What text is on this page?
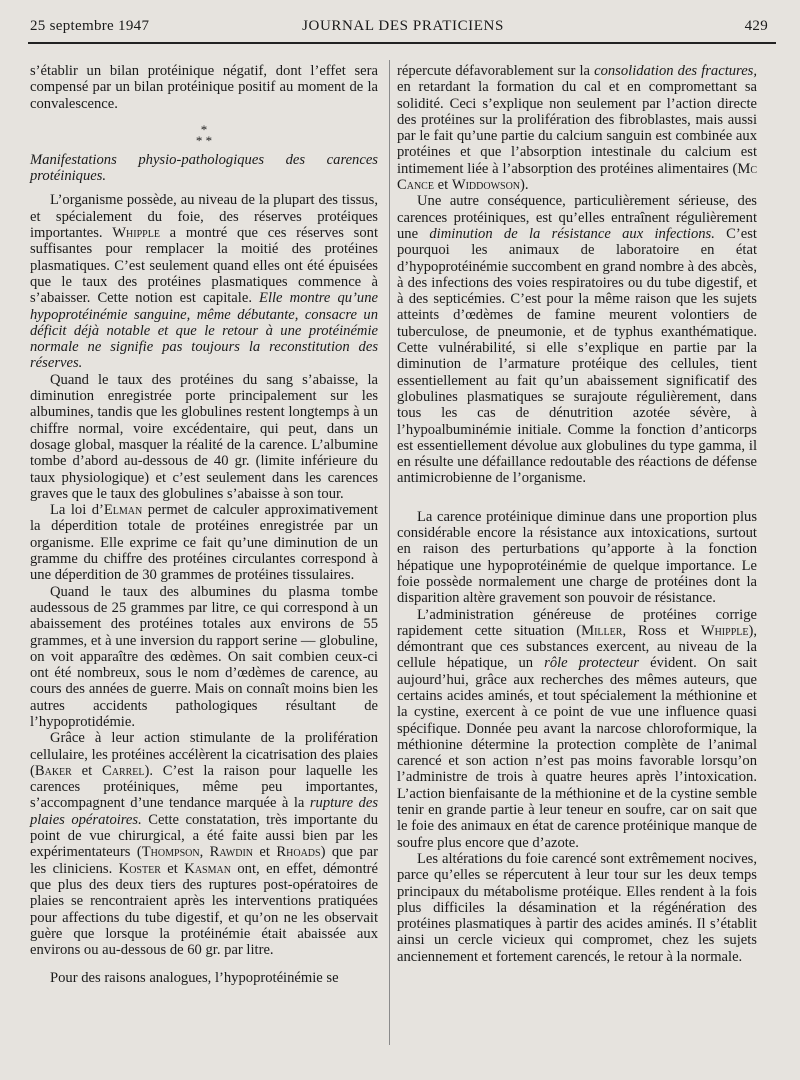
25 septembre 1947	JOURNAL DES PRATICIENS	429

s’établir un bilan protéinique négatif, dont l’effet sera compensé par un bilan protéinique positif au moment de la convalescence.

*
* *

Manifestations physio-pathologiques des carences protéiniques.

L’organisme possède, au niveau de la plupart des tissus, et spécialement du foie, des réserves protéiques importantes. Whipple a montré que ces réserves sont suffisantes pour remplacer la moitié des protéines plasmatiques. C’est seulement quand elles ont été épuisées que le taux des protéines plasmatiques commence à s’abaisser. Cette notion est capitale. Elle montre qu’une hypoprotéinémie sanguine, même débutante, consacre un déficit déjà notable et que le retour à une protéinémie normale ne signifie pas toujours la reconstitution des réserves.

Quand le taux des protéines du sang s’abaisse, la diminution enregistrée porte principalement sur les albumines, tandis que les globulines restent longtemps à un chiffre normal, voire excédentaire, qui peut, dans un dosage global, masquer la réalité de la carence. L’albumine tombe d’abord au-dessous de 40 gr. (limite inférieure du taux physiologique) et c’est seulement dans les carences graves que le taux des globulines s’abaisse à son tour.

La loi d’Elman permet de calculer approximativement la déperdition totale de protéines enregistrée par un organisme. Elle exprime ce fait qu’une diminution de un gramme du chiffre des protéines circulantes correspond à une déperdition de 30 grammes de protéines tissulaires.

Quand le taux des albumines du plasma tombe audessous de 25 grammes par litre, ce qui correspond à un abaissement des protéines totales aux environs de 55 grammes, et à une inversion du rapport serine — globuline, on voit apparaître des œdèmes. On sait combien ceux-ci ont été nombreux, sous le nom d’œdèmes de carence, au cours des années de guerre. Mais on connaît moins bien les autres accidents pathologiques résultant de l’hypoprotidémie.

Grâce à leur action stimulante de la prolifération cellulaire, les protéines accélèrent la cicatrisation des plaies (Baker et Carrel). C’est la raison pour laquelle les carences protéiniques, même peu importantes, s’accompagnent d’une tendance marquée à la rupture des plaies opératoires. Cette constatation, très importante du point de vue chirurgical, a été faite aussi bien par les expérimentateurs (Thompson, Rawdin et Rhoads) que par les cliniciens. Koster et Kasman ont, en effet, démontré que plus des deux tiers des ruptures post-opératoires de plaies se rencontraient après les interventions pratiquées pour affections du tube digestif, et qu’on ne les observait guère que lorsque la protéinémie était abaissée aux environs ou au-dessous de 60 gr. par litre.

Pour des raisons analogues, l’hypoprotéinémie se

répercute défavorablement sur la consolidation des fractures, en retardant la formation du cal et en compromettant sa solidité. Ceci s’explique non seulement par l’action directe des protéines sur la prolifération des fibroblastes, mais aussi par le fait qu’une partie du calcium sanguin est combinée aux protéines et que l’absorption intestinale du calcium est intimement liée à l’absorption des protéines alimentaires (Mc Cance et Widdowson).

Une autre conséquence, particulièrement sérieuse, des carences protéiniques, est qu’elles entraînent régulièrement une diminution de la résistance aux infections. C’est pourquoi les animaux de laboratoire en état d’hypoprotéinémie succombent en grand nombre à des abcès, à des infections des voies respiratoires ou du tube digestif, et à des septicémies. C’est pour la même raison que les sujets atteints d’œdèmes de famine meurent volontiers de tuberculose, de pneumonie, et de typhus exanthématique. Cette vulnérabilité, si elle s’explique en partie par la diminution de l’armature protéique des cellules, tient essentiellement au fait qu’un abaissement significatif des globulines plasmatiques se surajoute régulièrement, dans tous les cas de dénutrition azotée sévère, à l’hypoalbuminémie initiale. Comme la fonction d’anticorps est essentiellement dévolue aux globulines du type gamma, il en résulte une défaillance redoutable des réactions de défense antimicrobienne de l’organisme.

La carence protéinique diminue dans une proportion plus considérable encore la résistance aux intoxications, surtout en raison des perturbations qu’apporte à la fonction hépatique une hypoprotéinémie de quelque importance. Le foie possède normalement une charge de protéines dont la disparition altère gravement son pouvoir de résistance.

L’administration généreuse de protéines corrige rapidement cette situation (Miller, Ross et Whipple), démontrant que ces substances exercent, au niveau de la cellule hépatique, un rôle protecteur évident. On sait aujourd’hui, grâce aux recherches des mêmes auteurs, que certains acides aminés, et tout spécialement la méthionine et la cystine, exercent à ce point de vue une influence quasi spécifique. Donnée peu avant la narcose chloroformique, la méthionine détermine la protection complète de l’animal carencé et son action n’est pas moins favorable lorsqu’on l’administre de trois à quatre heures après l’intoxication. L’action bienfaisante de la méthionine et de la cystine semble tenir en grande partie à leur teneur en soufre, car on sait que le foie des animaux en état de carence protéinique manque de soufre plus encore que d’azote.

Les altérations du foie carencé sont extrêmement nocives, parce qu’elles se répercutent à leur tour sur les deux temps principaux du métabolisme protéique. Elles rendent à la fois plus difficiles la désamination et la régénération des protéines plasmatiques à partir des acides aminés. Il s’établit ainsi un cercle vicieux qui compromet, chez les sujets anciennement et fortement carencés, le retour à la normale.
